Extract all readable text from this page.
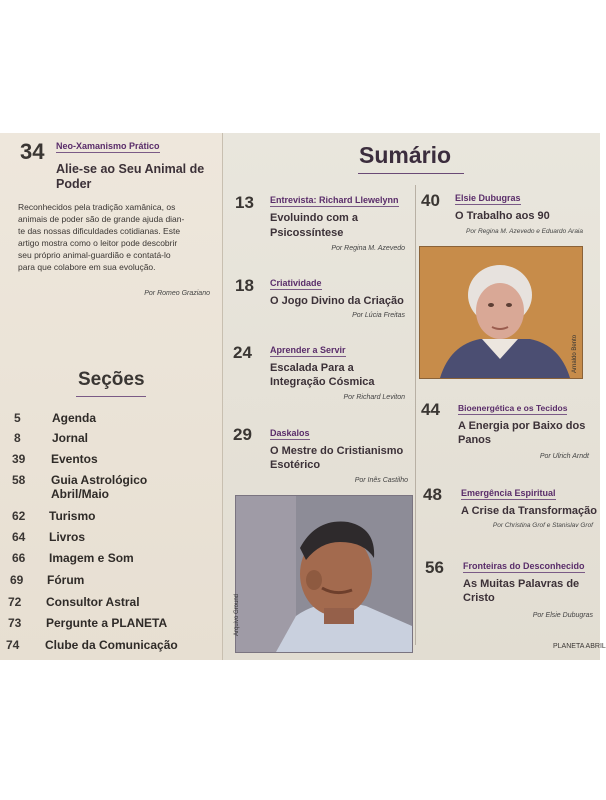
34 Neo-Xamanismo Prático
Alie-se ao Seu Animal de
Poder
Reconhecidos pela tradição xamânica, os
animais de poder são de grande ajuda dian-
te das nossas dificuldades cotidianas. Este
artigo mostra como o leitor pode descobrir
seu próprio animal-guardião e contatá-lo
para que colabore em sua evolução.
Por Romeo Graziano
Seções
5	Agenda
8	Jornal
39 Eventos
58 Guia Astrológico
Abril/Maio
62 Turismo
64 Livros
66 Imagem e Som
69 Fórum
72 Consultor Astral
73 Pergunte a PLANETA
74 Clube da Comunicação
Sumário
13 Entrevista: Richard Llewelynn
Evoluindo com a
Psicossíntese
Por Regina M. Azevedo
18 Criatividade
O Jogo Divino da Criação
Por Lúcia Freitas
24 Aprender a Servir
Escalada Para a
Integração Cósmica
Por Richard Leviton
29 Daskalos
O Mestre do Cristianismo
Esotérico
Por Inês Castilho
Arquivo Ground
40 Elsie Dubugras
O Trabalho aos 90
Por Regina M. Azevedo e Eduardo Araia
Arnaldo Bento
44 Bioenergética e os Tecidos
A Energia por Baixo dos
Panos
Por Ulrich Arndt
48 Emergência Espiritual
A Crise da Transformação
Por Christina Grof e Stanislav Grof
56 Fronteiras do Desconhecido
As Muitas Palavras de
Cristo
Por Elsie Dubugras
PLANETA ABRIL
